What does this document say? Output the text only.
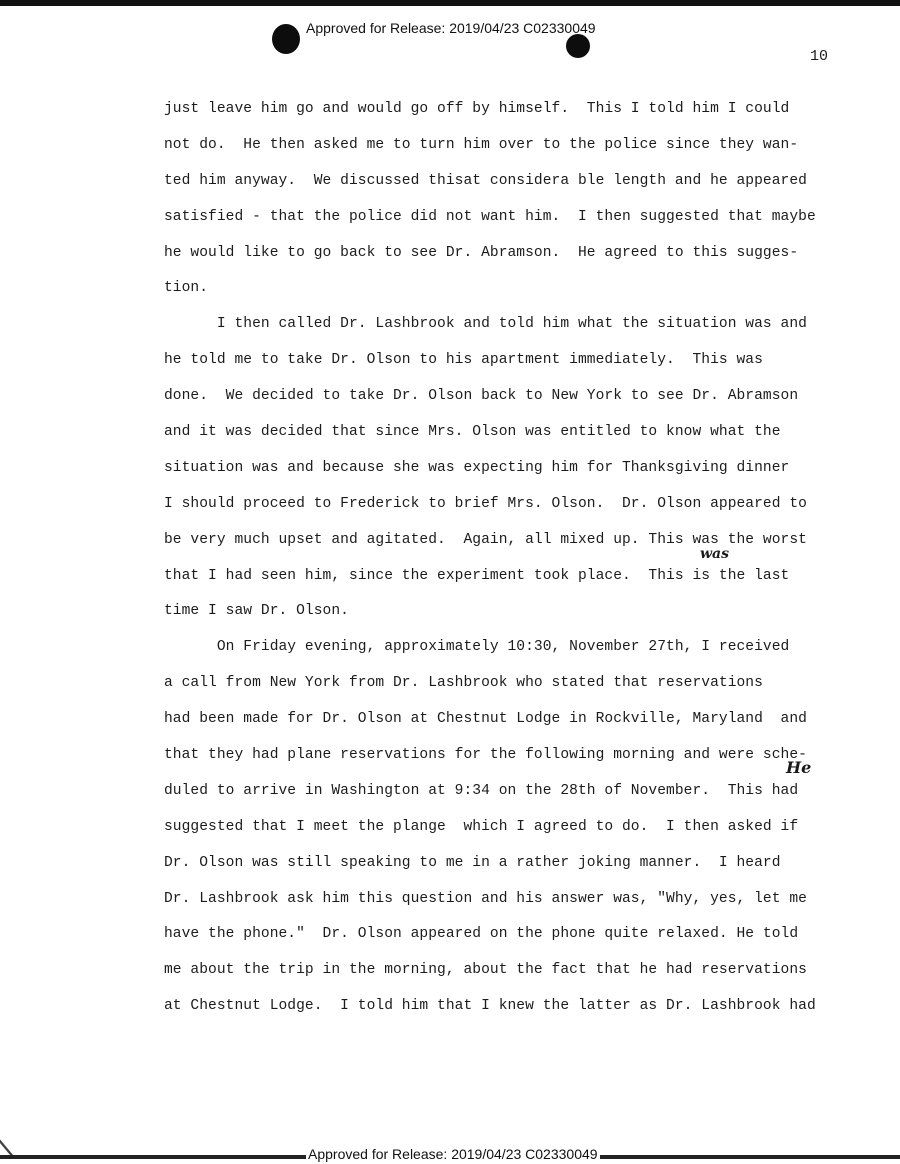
Approved for Release: 2019/04/23 C02330049
10
just leave him go and would go off by himself.  This I told him I could
not do.  He then asked me to turn him over to the police since they wan-
ted him anyway.  We discussed thisat considera ble length and he appeared
satisfied - that the police did not want him.  I then suggested that maybe
he would like to go back to see Dr. Abramson.  He agreed to this sugges-
tion.
I then called Dr. Lashbrook and told him what the situation was and
he told me to take Dr. Olson to his apartment immediately.  This was
done.  We decided to take Dr. Olson back to New York to see Dr. Abramson
and it was decided that since Mrs. Olson was entitled to know what the
situation was and because she was expecting him for Thanksgiving dinner
I should proceed to Frederick to brief Mrs. Olson.  Dr. Olson appeared to
be very much upset and agitated.  Again, all mixed up. This was the worst
that I had seen him, since the experiment took place.  This is the last
time I saw Dr. Olson.
On Friday evening, approximately 10:30, November 27th, I received
a call from New York from Dr. Lashbrook who stated that reservations
had been made for Dr. Olson at Chestnut Lodge in Rockville, Maryland  and
that they had plane reservations for the following morning and were sche-
duled to arrive in Washington at 9:34 on the 28th of November.  This had
suggested that I meet the plange  which I agreed to do.  I then asked if
Dr. Olson was still speaking to me in a rather joking manner.  I heard
Dr. Lashbrook ask him this question and his answer was, "Why, yes, let me
have the phone."  Dr. Olson appeared on the phone quite relaxed. He told
me about the trip in the morning, about the fact that he had reservations
at Chestnut Lodge.  I told him that I knew the latter as Dr. Lashbrook had
was
He
Approved for Release: 2019/04/23 C02330049
